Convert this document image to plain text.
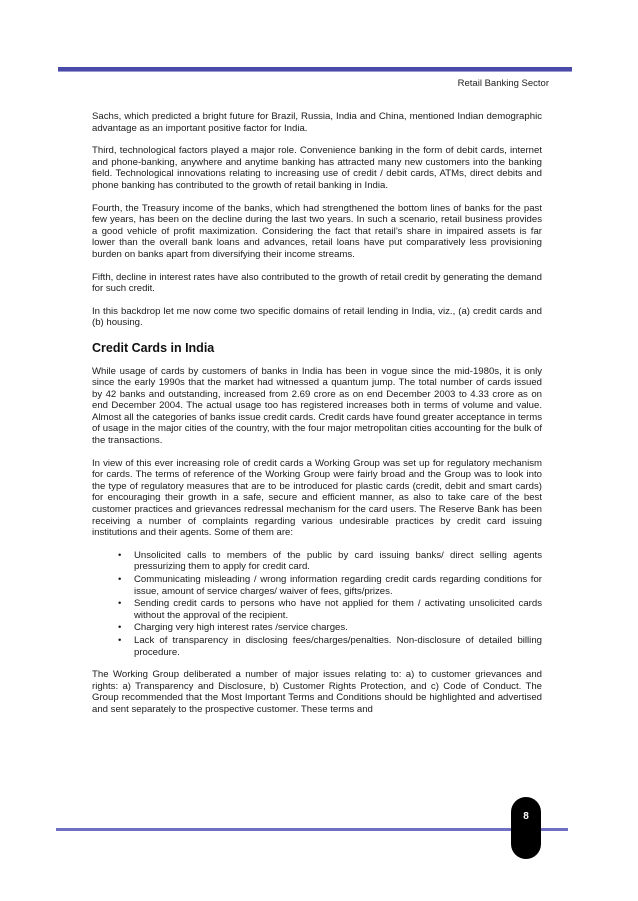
Retail Banking Sector

Sachs, which predicted a bright future for Brazil, Russia, India and China, mentioned Indian demographic advantage as an important positive factor for India.

Third, technological factors played a major role. Convenience banking in the form of debit cards, internet and phone-banking, anywhere and anytime banking has attracted many new customers into the banking field. Technological innovations relating to increasing use of credit / debit cards, ATMs, direct debits and phone banking has contributed to the growth of retail banking in India.

Fourth, the Treasury income of the banks, which had strengthened the bottom lines of banks for the past few years, has been on the decline during the last two years. In such a scenario, retail business provides a good vehicle of profit maximization. Considering the fact that retail’s share in impaired assets is far lower than the overall bank loans and advances, retail loans have put comparatively less provisioning burden on banks apart from diversifying their income streams.

Fifth, decline in interest rates have also contributed to the growth of retail credit by generating the demand for such credit.

In this backdrop let me now come two specific domains of retail lending in India, viz., (a) credit cards and (b) housing.

Credit Cards in India

While usage of cards by customers of banks in India has been in vogue since the mid-1980s, it is only since the early 1990s that the market had witnessed a quantum jump. The total number of cards issued by 42 banks and outstanding, increased from 2.69 crore as on end December 2003 to 4.33 crore as on end December 2004. The actual usage too has registered increases both in terms of volume and value. Almost all the categories of banks issue credit cards. Credit cards have found greater acceptance in terms of usage in the major cities of the country, with the four major metropolitan cities accounting for the bulk of the transactions.

In view of this ever increasing role of credit cards a Working Group was set up for regulatory mechanism for cards. The terms of reference of the Working Group were fairly broad and the Group was to look into the type of regulatory measures that are to be introduced for plastic cards (credit, debit and smart cards) for encouraging their growth in a safe, secure and efficient manner, as also to take care of the best customer practices and grievances redressal mechanism for the card users. The Reserve Bank has been receiving a number of complaints regarding various undesirable practices by credit card issuing institutions and their agents. Some of them are:

• Unsolicited calls to members of the public by card issuing banks/ direct selling agents pressurizing them to apply for credit card.
• Communicating misleading / wrong information regarding credit cards regarding conditions for issue, amount of service charges/ waiver of fees, gifts/prizes.
• Sending credit cards to persons who have not applied for them / activating unsolicited cards without the approval of the recipient.
• Charging very high interest rates /service charges.
• Lack of transparency in disclosing fees/charges/penalties. Non-disclosure of detailed billing procedure.

The Working Group deliberated a number of major issues relating to: a) to customer grievances and rights: a) Transparency and Disclosure, b) Customer Rights Protection, and c) Code of Conduct. The Group recommended that the Most Important Terms and Conditions should be highlighted and advertised and sent separately to the prospective customer. These terms and

8
